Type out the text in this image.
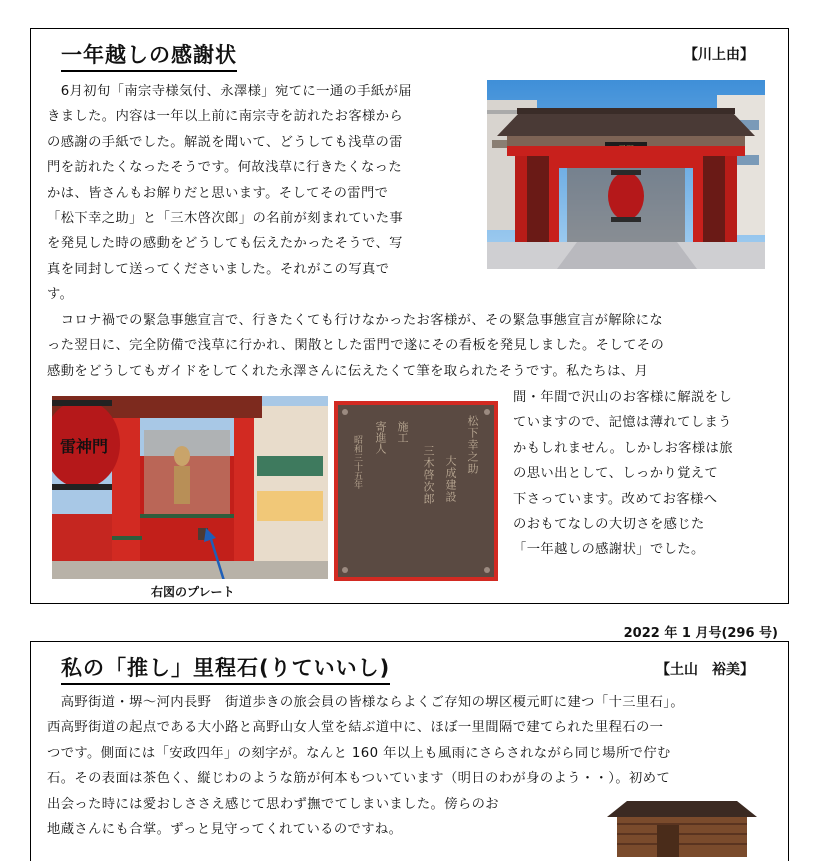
一年越しの感謝状	【川上由】
　6月初旬「南宗寺様気付、永澤様」宛てに一通の手紙が届
きました。内容は一年以上前に南宗寺を訪れたお客様から
の感謝の手紙でした。解説を聞いて、どうしても浅草の雷
門を訪れたくなったそうです。何故浅草に行きたくなった
かは、皆さんもお解りだと思います。そしてその雷門で
「松下幸之助」と「三木啓次郎」の名前が刻まれていた事
を発見した時の感動をどうしても伝えたかったそうで、写
真を同封して送ってくださいました。それがこの写真で
す。
　コロナ禍での緊急事態宣言で、行きたくても行けなかったお客様が、その緊急事態宣言が解除にな
った翌日に、完全防備で浅草に行かれ、閑散とした雷門で遂にその看板を発見しました。そしてその
感動をどうしてもガイドをしてくれた永澤さんに伝えたくて筆を取られたそうです。私たちは、月
雷神門	松下幸之助
大成建設
三木啓次郎
施工
寄進人
昭和三十五年
間・年間で沢山のお客様に解説をし
ていますので、記憶は薄れてしまう
かもしれません。しかしお客様は旅
の思い出として、しっかり覚えて
下さっています。改めてお客様へ
のおもてなしの大切さを感じた
「一年越しの感謝状」でした。
右図のプレート
2022 年 1 月号(296 号)
私の「推し」里程石(りていいし)	【土山　裕美】
　高野街道・堺～河内長野　街道歩きの旅会員の皆様ならよくご存知の堺区榎元町に建つ「十三里石」。
西高野街道の起点である大小路と高野山女人堂を結ぶ道中に、ほぼ一里間隔で建てられた里程石の一
つです。側面には「安政四年」の刻字が。なんと 160 年以上も風雨にさらされながら同じ場所で佇む
石。その表面は茶色く、縦じわのような筋が何本もついています（明日のわが身のよう・・）。初めて
出会った時には愛おしささえ感じて思わず撫でてしまいました。傍らのお
地蔵さんにも合掌。ずっと見守ってくれているのですね。
